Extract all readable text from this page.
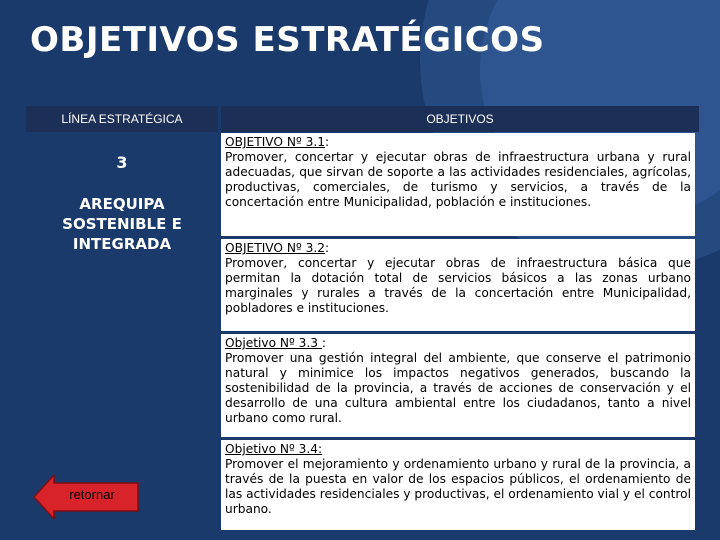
OBJETIVOS ESTRATÉGICOS
LÍNEA ESTRATÉGICA	OBJETIVOS
3
AREQUIPA
SOSTENIBLE E
INTEGRADA
retornar
OBJETIVO Nº 3.1:
Promover, concertar y ejecutar obras de infraestructura urbana y rural adecuadas, que sirvan de soporte a las actividades residenciales, agrícolas, productivas, comerciales, de turismo y servicios, a través de la concertación entre Municipalidad, población e instituciones.
OBJETIVO Nº 3.2:
Promover, concertar y ejecutar obras de infraestructura básica que permitan la dotación total de servicios básicos a las zonas urbano marginales y rurales a través de la concertación entre Municipalidad, pobladores e instituciones.
Objetivo Nº 3.3 :
Promover una gestión integral del ambiente, que conserve el patrimonio natural y minimice los impactos negativos generados, buscando la sostenibilidad de la provincia, a través de acciones de conservación y el desarrollo de una cultura ambiental entre los ciudadanos, tanto a nivel urbano como rural.
Objetivo Nº 3.4:
Promover el mejoramiento y ordenamiento urbano y rural de la provincia, a través de la puesta en valor de los espacios públicos, el ordenamiento de las actividades residenciales y productivas, el ordenamiento vial y el control urbano.
